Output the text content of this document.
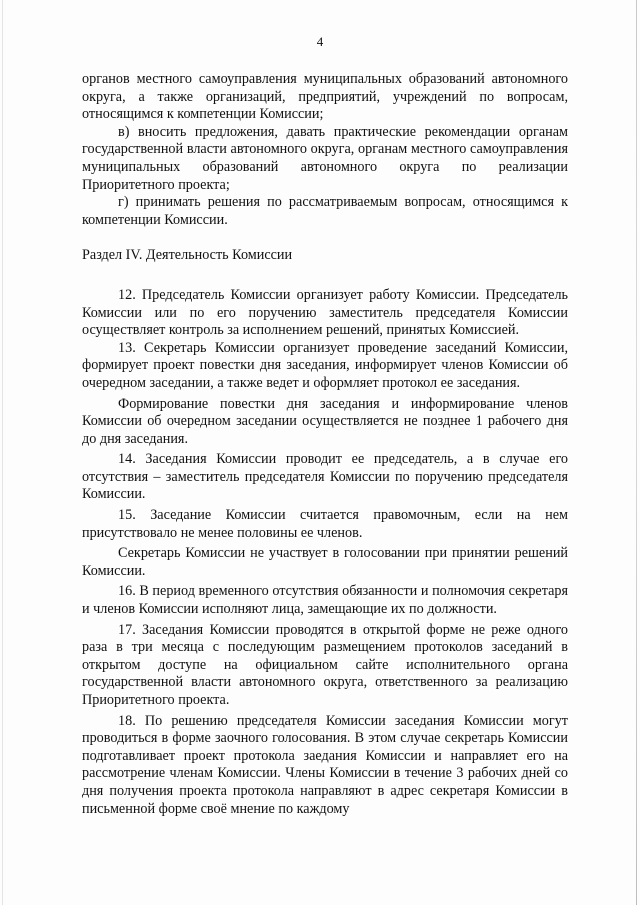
4

органов местного самоуправления муниципальных образований автономного округа, а также организаций, предприятий, учреждений по вопросам, относящимся к компетенции Комиссии;

в) вносить предложения, давать практические рекомендации органам государственной власти автономного округа, органам местного самоуправления муниципальных образований автономного округа по реализации Приоритетного проекта;

г) принимать решения по рассматриваемым вопросам, относящимся к компетенции Комиссии.

Раздел IV. Деятельность Комиссии

12. Председатель Комиссии организует работу Комиссии. Председатель Комиссии или по его поручению заместитель председателя Комиссии осуществляет контроль за исполнением решений, принятых Комиссией.

13. Секретарь Комиссии организует проведение заседаний Комиссии, формирует проект повестки дня заседания, информирует членов Комиссии об очередном заседании, а также ведет и оформляет протокол ее заседания.

Формирование повестки дня заседания и информирование членов Комиссии об очередном заседании осуществляется не позднее 1 рабочего дня до дня заседания.

14. Заседания Комиссии проводит ее председатель, а в случае его отсутствия – заместитель председателя Комиссии по поручению председателя Комиссии.

15. Заседание Комиссии считается правомочным, если на нем присутствовало не менее половины ее членов.

Секретарь Комиссии не участвует в голосовании при принятии решений Комиссии.

16. В период временного отсутствия обязанности и полномочия секретаря и членов Комиссии исполняют лица, замещающие их по должности.

17. Заседания Комиссии проводятся в открытой форме не реже одного раза в три месяца с последующим размещением протоколов заседаний в открытом доступе на официальном сайте исполнительного органа государственной власти автономного округа, ответственного за реализацию Приоритетного проекта.

18. По решению председателя Комиссии заседания Комиссии могут проводиться в форме заочного голосования. В этом случае секретарь Комиссии подготавливает проект протокола заедания Комиссии и направляет его на рассмотрение членам Комиссии. Члены Комиссии в течение 3 рабочих дней со дня получения проекта протокола направляют в адрес секретаря Комиссии в письменной форме своё мнение по каждому
